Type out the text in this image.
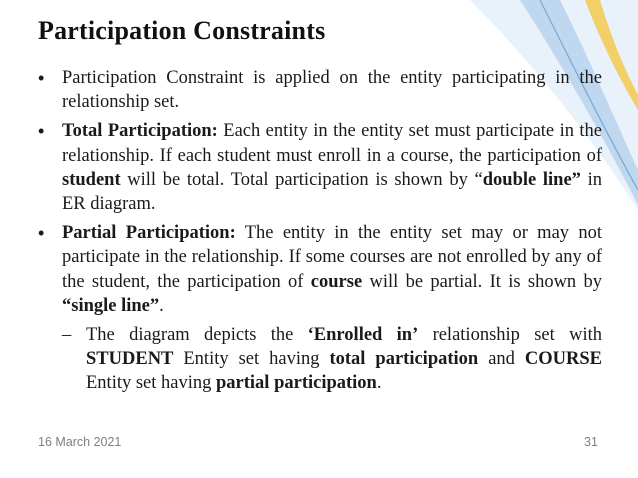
Participation Constraints
• Participation Constraint is applied on the entity participating in the relationship set.
• Total Participation: Each entity in the entity set must participate in the relationship. If each student must enroll in a course, the participation of student will be total. Total participation is shown by “double line” in ER diagram.
• Partial Participation: The entity in the entity set may or may not participate in the relationship. If some courses are not enrolled by any of the student, the participation of course will be partial. It is shown by “single line”.
– The diagram depicts the ‘Enrolled in’ relationship set with STUDENT Entity set having total participation and COURSE Entity set having partial participation.
16 March 2021	31
